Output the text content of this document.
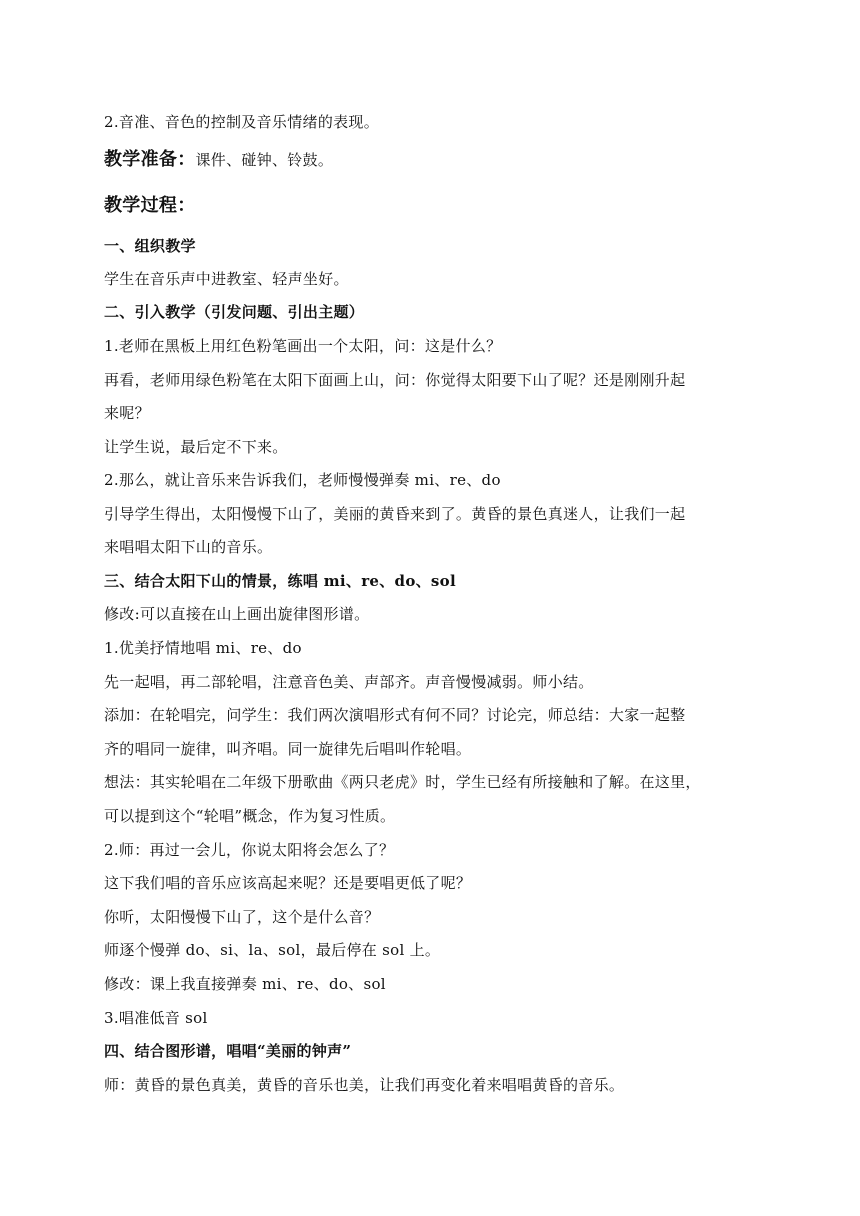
2.音准、音色的控制及音乐情绪的表现。
教学准备：课件、碰钟、铃鼓。
教学过程：
一、组织教学
学生在音乐声中进教室、轻声坐好。
二、引入教学（引发问题、引出主题）
1.老师在黑板上用红色粉笔画出一个太阳，问：这是什么？
再看，老师用绿色粉笔在太阳下面画上山，问：你觉得太阳要下山了呢？还是刚刚升起
来呢？
让学生说，最后定不下来。
2.那么，就让音乐来告诉我们，老师慢慢弹奏 mi、re、do
引导学生得出，太阳慢慢下山了，美丽的黄昏来到了。黄昏的景色真迷人，让我们一起
来唱唱太阳下山的音乐。
三、结合太阳下山的情景，练唱 mi、re、do、sol
修改:可以直接在山上画出旋律图形谱。
1.优美抒情地唱 mi、re、do
先一起唱，再二部轮唱，注意音色美、声部齐。声音慢慢减弱。师小结。
添加：在轮唱完，问学生：我们两次演唱形式有何不同？讨论完，师总结：大家一起整
齐的唱同一旋律，叫齐唱。同一旋律先后唱叫作轮唱。
想法：其实轮唱在二年级下册歌曲《两只老虎》时，学生已经有所接触和了解。在这里，
可以提到这个“轮唱”概念，作为复习性质。
2.师：再过一会儿，你说太阳将会怎么了？
这下我们唱的音乐应该高起来呢？还是要唱更低了呢？
你听，太阳慢慢下山了，这个是什么音？
师逐个慢弹 do、si、la、sol，最后停在 sol 上。
修改：课上我直接弹奏 mi、re、do、sol
3.唱准低音 sol
四、结合图形谱，唱唱“美丽的钟声”
师：黄昏的景色真美，黄昏的音乐也美，让我们再变化着来唱唱黄昏的音乐。
